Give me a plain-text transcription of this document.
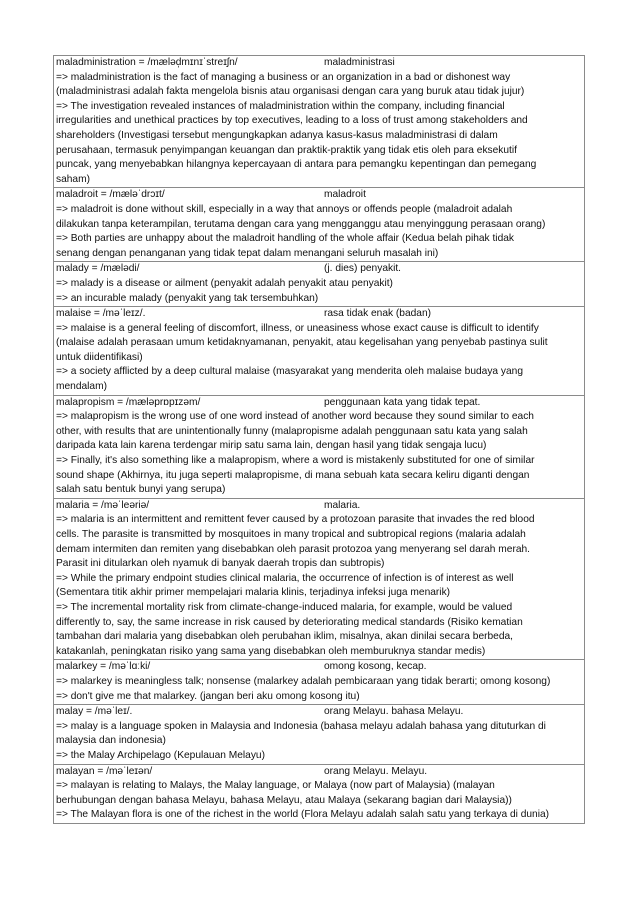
maladministration = /mæləd̩mɪnɪˈstreɪʃn/	maladministrasi
=> maladministration is the fact of managing a business or an organization in a bad or dishonest way
(maladministrasi adalah fakta mengelola bisnis atau organisasi dengan cara yang buruk atau tidak jujur)
=> The investigation revealed instances of maladministration within the company, including financial
irregularities and unethical practices by top executives, leading to a loss of trust among stakeholders and
shareholders (Investigasi tersebut mengungkapkan adanya kasus-kasus maladministrasi di dalam
perusahaan, termasuk penyimpangan keuangan dan praktik-praktik yang tidak etis oleh para eksekutif
puncak, yang menyebabkan hilangnya kepercayaan di antara para pemangku kepentingan dan pemegang
saham)
maladroit = /mæləˈdrɔɪt/	maladroit
=> maladroit is done without skill, especially in a way that annoys or offends people (maladroit adalah
dilakukan tanpa keterampilan, terutama dengan cara yang mengganggu atau menyinggung perasaan orang)
=> Both parties are unhappy about the maladroit handling of the whole affair (Kedua belah pihak tidak
senang dengan penanganan yang tidak tepat dalam menangani seluruh masalah ini)
malady = /mælədi/	(j. dies) penyakit.
=> malady is a disease or ailment (penyakit adalah penyakit atau penyakit)
=> an incurable malady (penyakit yang tak tersembuhkan)
malaise = /məˈleɪz/.	rasa tidak enak (badan)
=> malaise is a general feeling of discomfort, illness, or uneasiness whose exact cause is difficult to identify
(malaise adalah perasaan umum ketidaknyamanan, penyakit, atau kegelisahan yang penyebab pastinya sulit
untuk diidentifikasi)
=> a society afflicted by a deep cultural malaise (masyarakat yang menderita oleh malaise budaya yang
mendalam)
malapropism = /mæləprɒpɪzəm/	penggunaan kata yang tidak tepat.
=> malapropism is the wrong use of one word instead of another word because they sound similar to each
other, with results that are unintentionally funny (malapropisme adalah penggunaan satu kata yang salah
daripada kata lain karena terdengar mirip satu sama lain, dengan hasil yang tidak sengaja lucu)
=> Finally, it's also something like a malapropism, where a word is mistakenly substituted for one of similar
sound shape (Akhirnya, itu juga seperti malapropisme, di mana sebuah kata secara keliru diganti dengan
salah satu bentuk bunyi yang serupa)
malaria = /məˈleəriə/	malaria.
=> malaria is an intermittent and remittent fever caused by a protozoan parasite that invades the red blood
cells. The parasite is transmitted by mosquitoes in many tropical and subtropical regions (malaria adalah
demam intermiten dan remiten yang disebabkan oleh parasit protozoa yang menyerang sel darah merah.
Parasit ini ditularkan oleh nyamuk di banyak daerah tropis dan subtropis)
=> While the primary endpoint studies clinical malaria, the occurrence of infection is of interest as well
(Sementara titik akhir primer mempelajari malaria klinis, terjadinya infeksi juga menarik)
=> The incremental mortality risk from climate-change-induced malaria, for example, would be valued
differently to, say, the same increase in risk caused by deteriorating medical standards (Risiko kematian
tambahan dari malaria yang disebabkan oleh perubahan iklim, misalnya, akan dinilai secara berbeda,
katakanlah, peningkatan risiko yang sama yang disebabkan oleh memburuknya standar medis)
malarkey = /məˈlɑːki/	omong kosong, kecap.
=> malarkey is meaningless talk; nonsense (malarkey adalah pembicaraan yang tidak berarti; omong kosong)
=> don't give me that malarkey. (jangan beri aku omong kosong itu)
malay = /məˈleɪ/.	orang Melayu. bahasa Melayu.
=> malay is a language spoken in Malaysia and Indonesia (bahasa melayu adalah bahasa yang dituturkan di
malaysia dan indonesia)
=> the Malay Archipelago (Kepulauan Melayu)
malayan = /məˈleɪən/	orang Melayu. Melayu.
=> malayan is relating to Malays, the Malay language, or Malaya (now part of Malaysia) (malayan
berhubungan dengan bahasa Melayu, bahasa Melayu, atau Malaya (sekarang bagian dari Malaysia))
=> The Malayan flora is one of the richest in the world (Flora Melayu adalah salah satu yang terkaya di dunia)
